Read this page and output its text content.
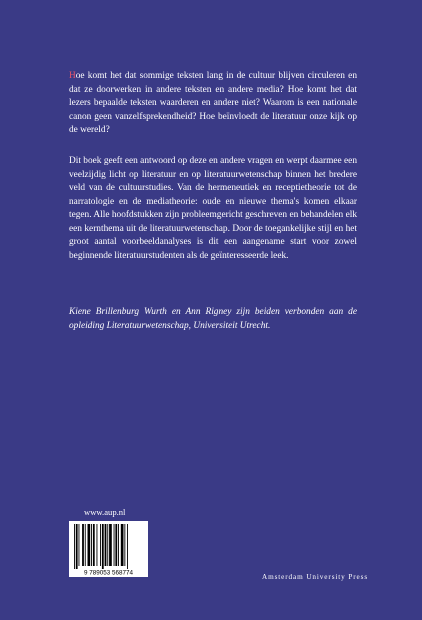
Hoe komt het dat sommige teksten lang in de cultuur blijven circuleren en dat ze doorwerken in andere teksten en andere media? Hoe komt het dat lezers bepaalde teksten waarderen en andere niet? Waarom is een nationale canon geen vanzelfsprekendheid? Hoe beïnvloedt de literatuur onze kijk op de wereld?

Dit boek geeft een antwoord op deze en andere vragen en werpt daarmee een veelzijdig licht op literatuur en op literatuurwetenschap binnen het bredere veld van de cultuurstudies. Van de hermeneutiek en receptietheorie tot de narratologie en de mediatheorie: oude en nieuwe thema's komen elkaar tegen. Alle hoofdstukken zijn probleemgericht geschreven en behandelen elk een kernthema uit de literatuurwetenschap. Door de toegankelijke stijl en het groot aantal voorbeeldanalyses is dit een aangename start voor zowel beginnende literatuurstudenten als de geïnteresseerde leek.

Kiene Brillenburg Wurth en Ann Rigney zijn beiden verbonden aan de opleiding Literatuurwetenschap, Universiteit Utrecht.

www.aup.nl
9 789053 568774	Amsterdam University Press
